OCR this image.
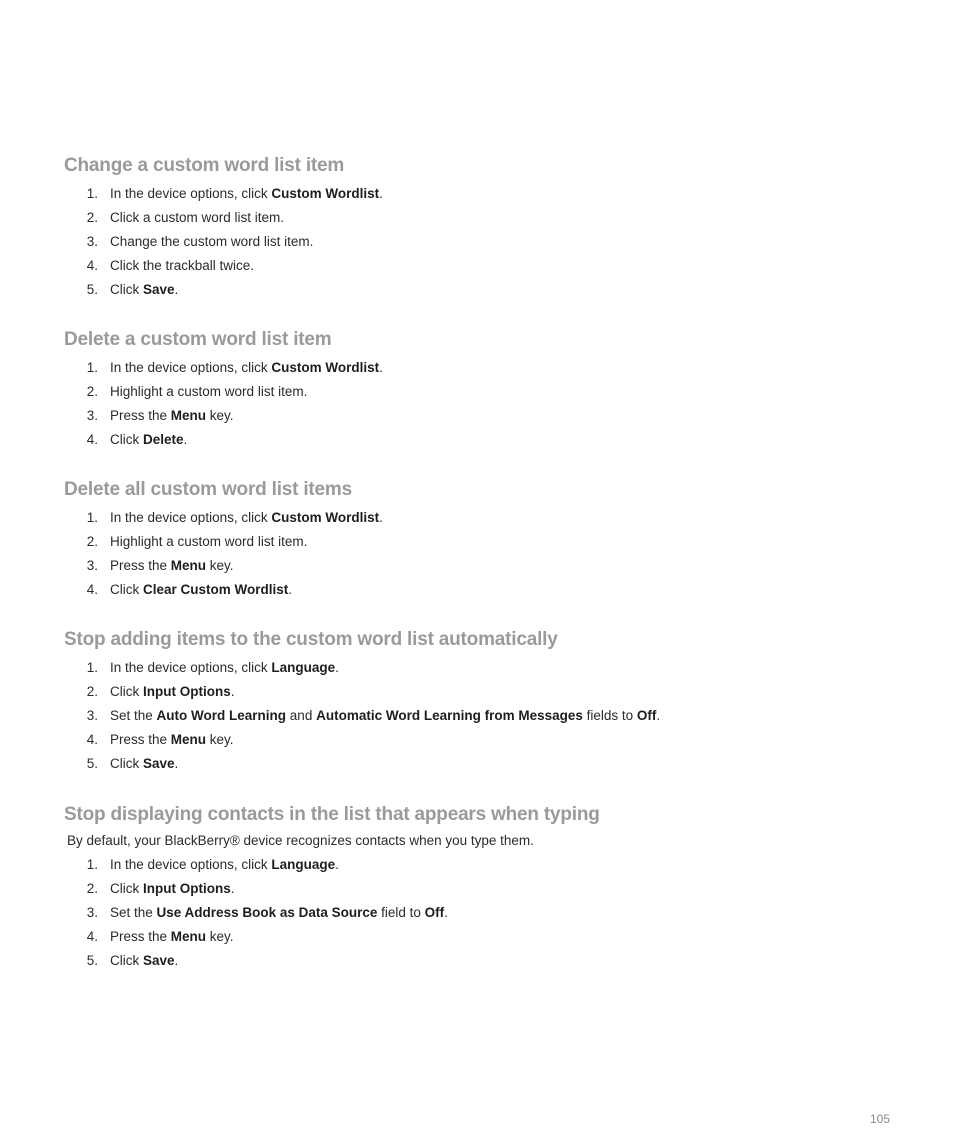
Change a custom word list item
1. In the device options, click Custom Wordlist.
2. Click a custom word list item.
3. Change the custom word list item.
4. Click the trackball twice.
5. Click Save.
Delete a custom word list item
1. In the device options, click Custom Wordlist.
2. Highlight a custom word list item.
3. Press the Menu key.
4. Click Delete.
Delete all custom word list items
1. In the device options, click Custom Wordlist.
2. Highlight a custom word list item.
3. Press the Menu key.
4. Click Clear Custom Wordlist.
Stop adding items to the custom word list automatically
1. In the device options, click Language.
2. Click Input Options.
3. Set the Auto Word Learning and Automatic Word Learning from Messages fields to Off.
4. Press the Menu key.
5. Click Save.
Stop displaying contacts in the list that appears when typing

By default, your BlackBerry® device recognizes contacts when you type them.

1. In the device options, click Language.
2. Click Input Options.
3. Set the Use Address Book as Data Source field to Off.
4. Press the Menu key.
5. Click Save.
105
